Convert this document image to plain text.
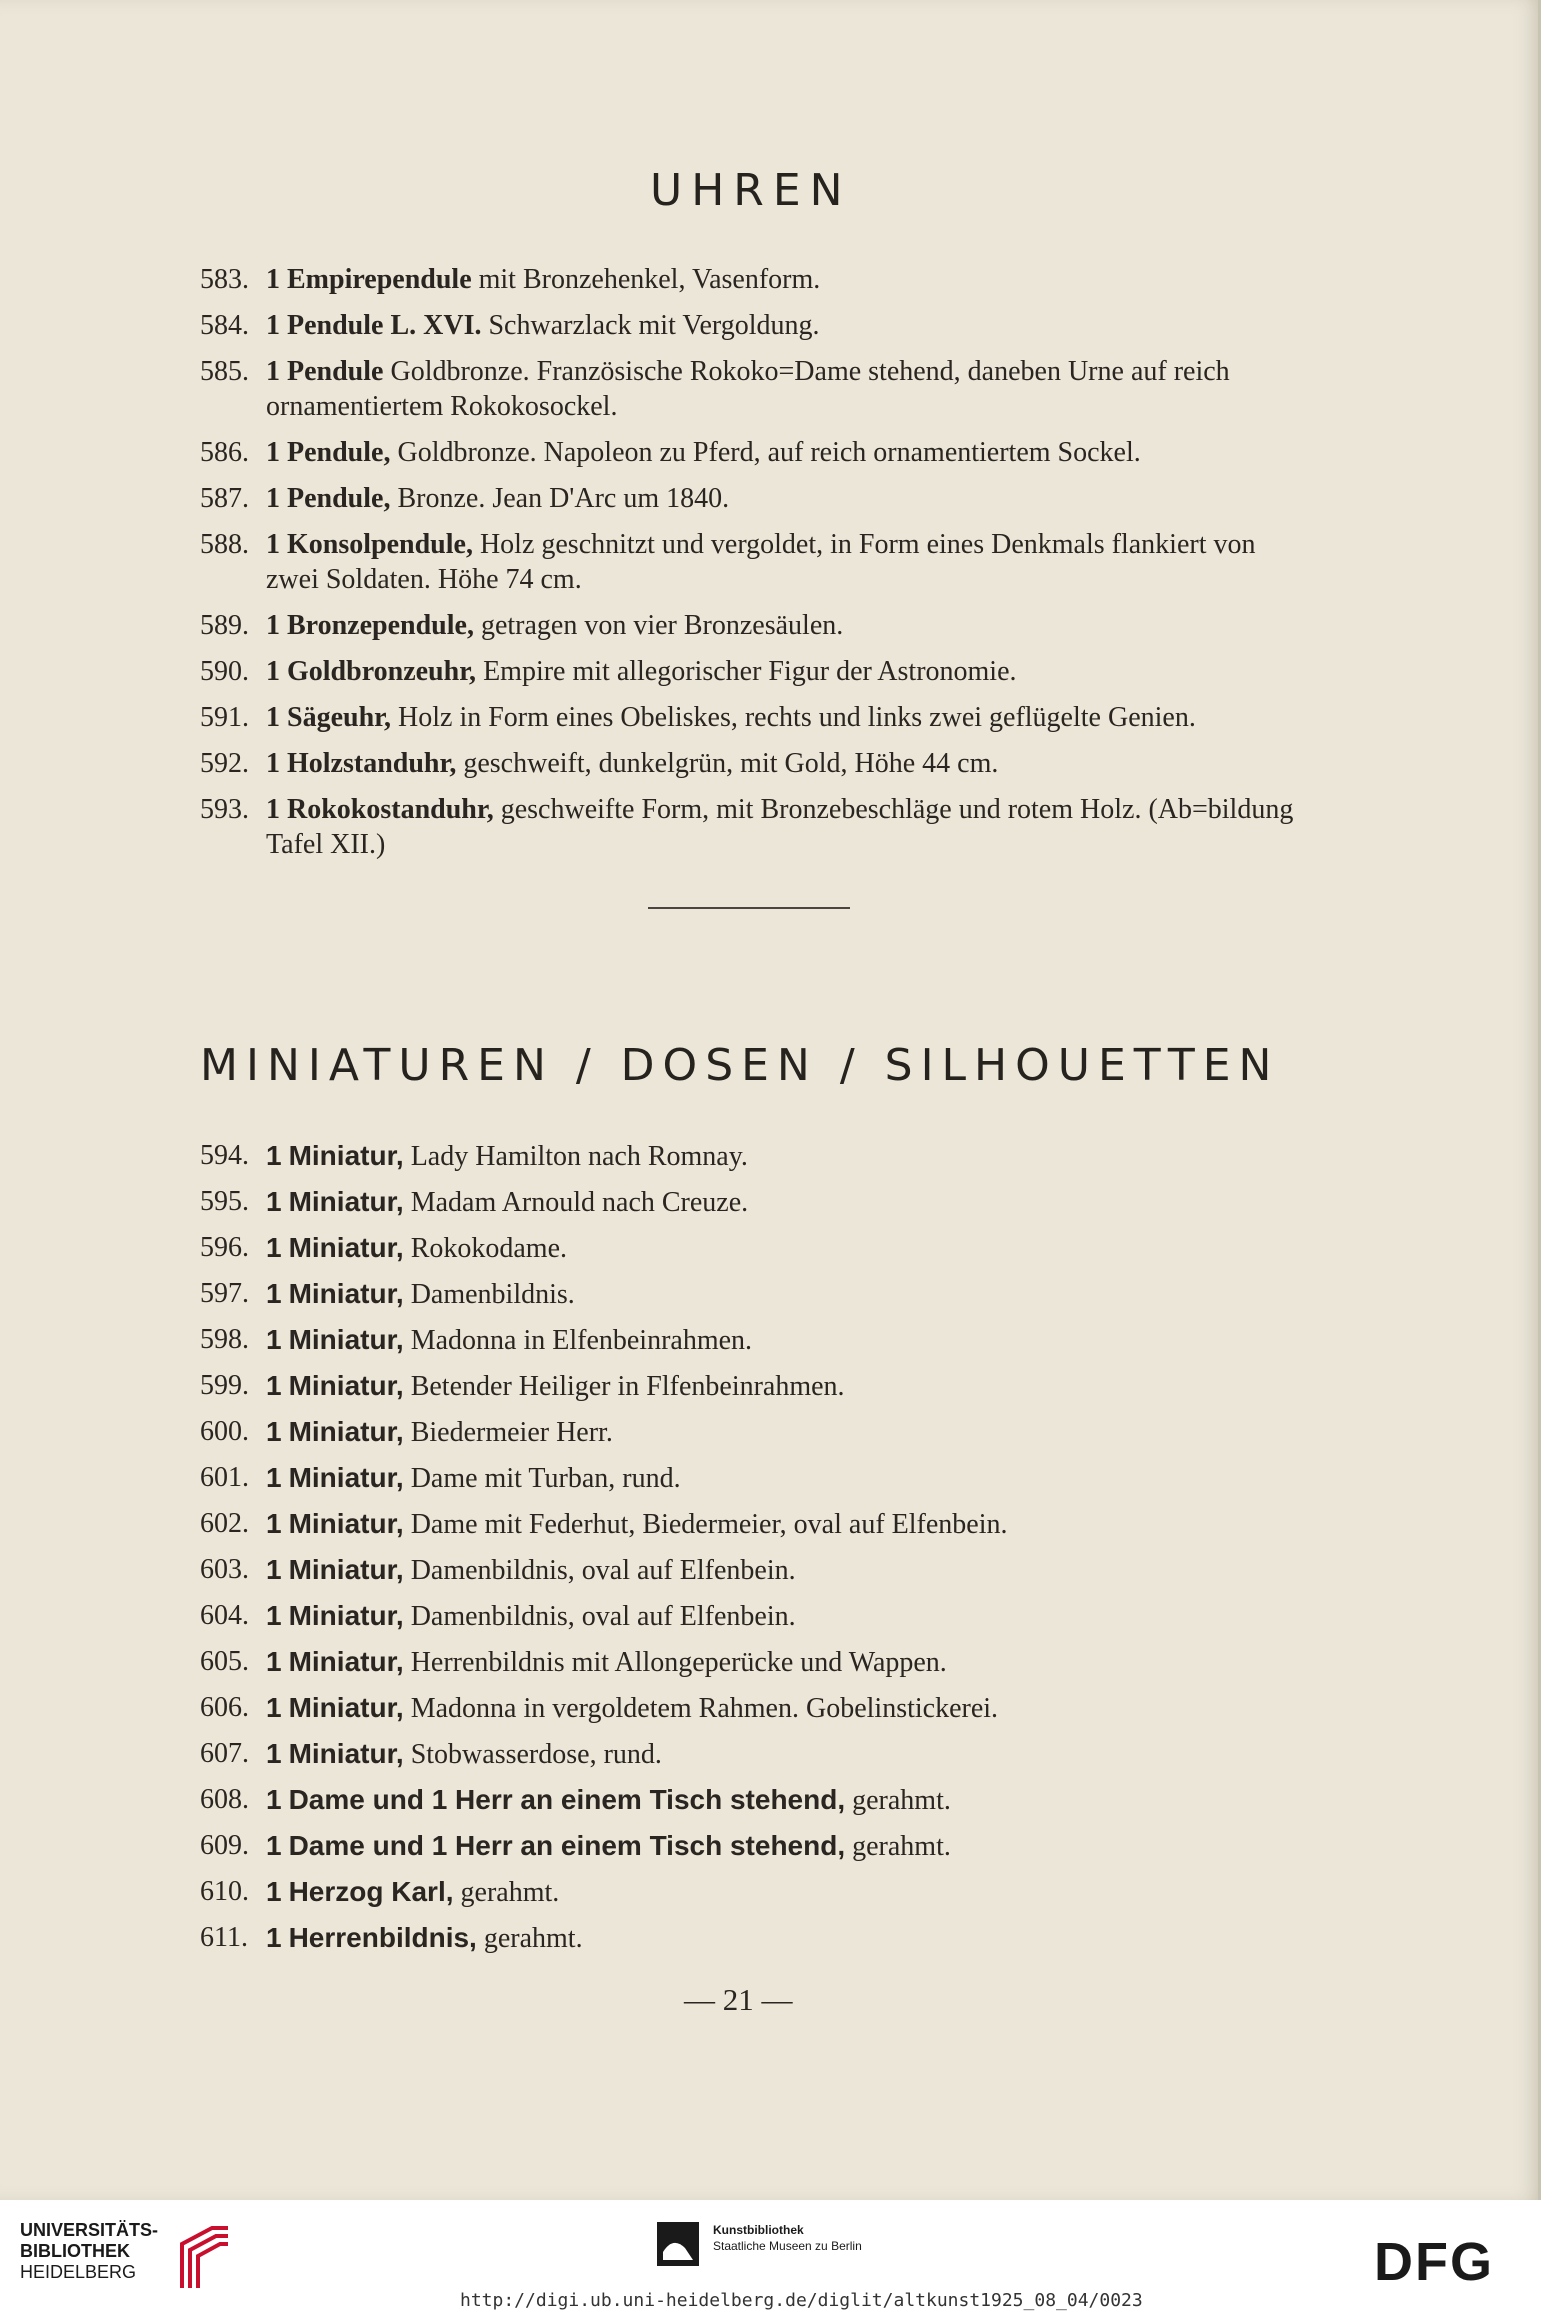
UHREN
583. 1 Empirependule mit Bronzehenkel, Vasenform.
584. 1 Pendule L. XVI. Schwarzlack mit Vergoldung.
585. 1 Pendule Goldbronze. Französische Rokoko=Dame stehend, daneben Urne auf reich ornamentiertem Rokokosockel.
586. 1 Pendule, Goldbronze. Napoleon zu Pferd, auf reich ornamentiertem Sockel.
587. 1 Pendule, Bronze. Jean D'Arc um 1840.
588. 1 Konsolpendule, Holz geschnitzt und vergoldet, in Form eines Denkmals flankiert von zwei Soldaten. Höhe 74 cm.
589. 1 Bronzependule, getragen von vier Bronzesäulen.
590. 1 Goldbronzeuhr, Empire mit allegorischer Figur der Astronomie.
591. 1 Sägeuhr, Holz in Form eines Obeliskes, rechts und links zwei geflügelte Genien.
592. 1 Holzstanduhr, geschweift, dunkelgrün, mit Gold, Höhe 44 cm.
593. 1 Rokokostanduhr, geschweifte Form, mit Bronzebeschläge und rotem Holz. (Ab=bildung Tafel XII.)
MINIATUREN / DOSEN / SILHOUETTEN
594. 1 Miniatur, Lady Hamilton nach Romnay.
595. 1 Miniatur, Madam Arnould nach Creuze.
596. 1 Miniatur, Rokokodame.
597. 1 Miniatur, Damenbildnis.
598. 1 Miniatur, Madonna in Elfenbeinrahmen.
599. 1 Miniatur, Betender Heiliger in Flfenbeinrahmen.
600. 1 Miniatur, Biedermeier Herr.
601. 1 Miniatur, Dame mit Turban, rund.
602. 1 Miniatur, Dame mit Federhut, Biedermeier, oval auf Elfenbein.
603. 1 Miniatur, Damenbildnis, oval auf Elfenbein.
604. 1 Miniatur, Damenbildnis, oval auf Elfenbein.
605. 1 Miniatur, Herrenbildnis mit Allongeperücke und Wappen.
606. 1 Miniatur, Madonna in vergoldetem Rahmen. Gobelinstickerei.
607. 1 Miniatur, Stobwasserdose, rund.
608. 1 Dame und 1 Herr an einem Tisch stehend, gerahmt.
609. 1 Dame und 1 Herr an einem Tisch stehend, gerahmt.
610. 1 Herzog Karl, gerahmt.
611. 1 Herrenbildnis, gerahmt.
— 21 —
UNIVERSITÄTS-
BIBLIOTHEK
HEIDELBERG
Kunstbibliothek
Staatliche Museen zu Berlin	DFG
http://digi.ub.uni-heidelberg.de/diglit/altkunst1925_08_04/0023
